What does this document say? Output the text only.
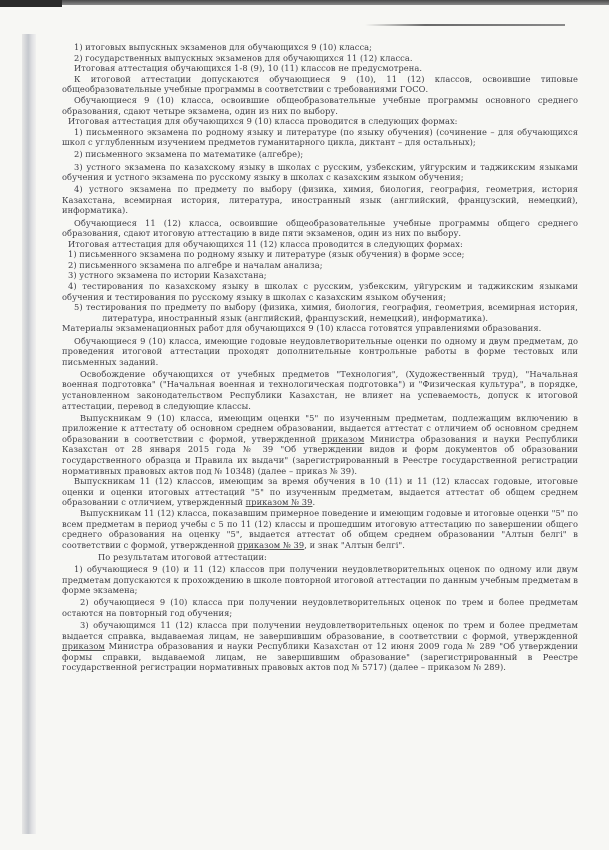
1) итоговых выпускных экзаменов для обучающихся 9 (10) класса;

2) государственных выпускных экзаменов для обучающихся 11 (12) класса.

Итоговая аттестация обучающихся 1-8 (9), 10 (11) классов не предусмотрена.

К итоговой аттестации допускаются обучающиеся 9 (10), 11 (12) классов, освоившие типовые общеобразовательные учебные программы в соответствии с требованиями ГОСО.

Обучающиеся 9 (10) класса, освоившие общеобразовательные учебные программы основного среднего образования, сдают четыре экзамена, один из них по выбору.

Итоговая аттестация для обучающихся 9 (10) класса проводится в следующих формах:

1) письменного экзамена по родному языку и литературе (по языку обучения) (сочинение – для обучающихся школ с углубленным изучением предметов гуманитарного цикла, диктант – для остальных);

2) письменного экзамена по математике (алгебре);

3) устного экзамена по казахскому языку в школах с русским, узбекским, уйгурским и таджикским языками обучения и устного экзамена по русскому языку в школах с казахским языком обучения;

4) устного экзамена по предмету по выбору (физика, химия, биология, география, геометрия, история Казахстана, всемирная история, литература, иностранный язык (английский, французский, немецкий), информатика).

Обучающиеся 11 (12) класса, освоившие общеобразовательные учебные программы общего среднего образования, сдают итоговую аттестацию в виде пяти экзаменов, один из них по выбору.

Итоговая аттестация для обучающихся 11 (12) класса проводится в следующих формах:

1) письменного экзамена по родному языку и литературе (язык обучения) в форме эссе;

2) письменного экзамена по алгебре и началам анализа;

3) устного экзамена по истории Казахстана;

4) тестирования по казахскому языку в школах с русским, узбекским, уйгурским и таджикским языками обучения и тестирования по русскому языку в школах с казахским языком обучения;

5) тестирования по предмету по выбору (физика, химия, биология, география, геометрия, всемирная история, литература, иностранный язык (английский, французский, немецкий), информатика).

Материалы экзаменационных работ для обучающихся 9 (10) класса готовятся управлениями образования.

Обучающиеся 9 (10) класса, имеющие годовые неудовлетворительные оценки по одному и двум предметам, до проведения итоговой аттестации проходят дополнительные контрольные работы в форме тестовых или письменных заданий.

Освобождение обучающихся от учебных предметов "Технология", (Художественный труд), "Начальная военная подготовка" ("Начальная военная и технологическая подготовка") и "Физическая культура", в порядке, установленном законодательством Республики Казахстан, не влияет на успеваемость, допуск к итоговой аттестации, перевод в следующие классы.

Выпускникам 9 (10) класса, имеющим оценки "5" по изученным предметам, подлежащим включению в приложение к аттестату об основном среднем образовании, выдается аттестат с отличием об основном среднем образовании в соответствии с формой, утвержденной приказом Министра образования и науки Республики Казахстан от 28 января 2015 года № 39 "Об утверждении видов и форм документов об образовании государственного образца и Правила их выдачи" (зарегистрированный в Реестре государственной регистрации нормативных правовых актов под № 10348) (далее – приказ № 39).

Выпускникам 11 (12) классов, имеющим за время обучения в 10 (11) и 11 (12) классах годовые, итоговые оценки и оценки итоговых аттестаций "5" по изученным предметам, выдается аттестат об общем среднем образовании с отличием, утвержденный приказом № 39.

Выпускникам 11 (12) класса, показавшим примерное поведение и имеющим годовые и итоговые оценки "5" по всем предметам в период учебы с 5 по 11 (12) классы и прошедшим итоговую аттестацию по завершении общего среднего образования на оценку "5", выдается аттестат об общем среднем образовании "Алтын белгі" в соответствии с формой, утвержденной приказом № 39, и знак "Алтын белгі".

По результатам итоговой аттестации:

1) обучающиеся 9 (10) и 11 (12) классов при получении неудовлетворительных оценок по одному или двум предметам допускаются к прохождению в школе повторной итоговой аттестации по данным учебным предметам в форме экзамена;

2) обучающиеся 9 (10) класса при получении неудовлетворительных оценок по трем и более предметам остаются на повторный год обучения;

3) обучающимся 11 (12) класса при получении неудовлетворительных оценок по трем и более предметам выдается справка, выдаваемая лицам, не завершившим образование, в соответствии с формой, утвержденной приказом Министра образования и науки Республики Казахстан от 12 июня 2009 года № 289 "Об утверждении формы справки, выдаваемой лицам, не завершившим образование" (зарегистрированный в Реестре государственной регистрации нормативных правовых актов под № 5717) (далее – приказом № 289).
